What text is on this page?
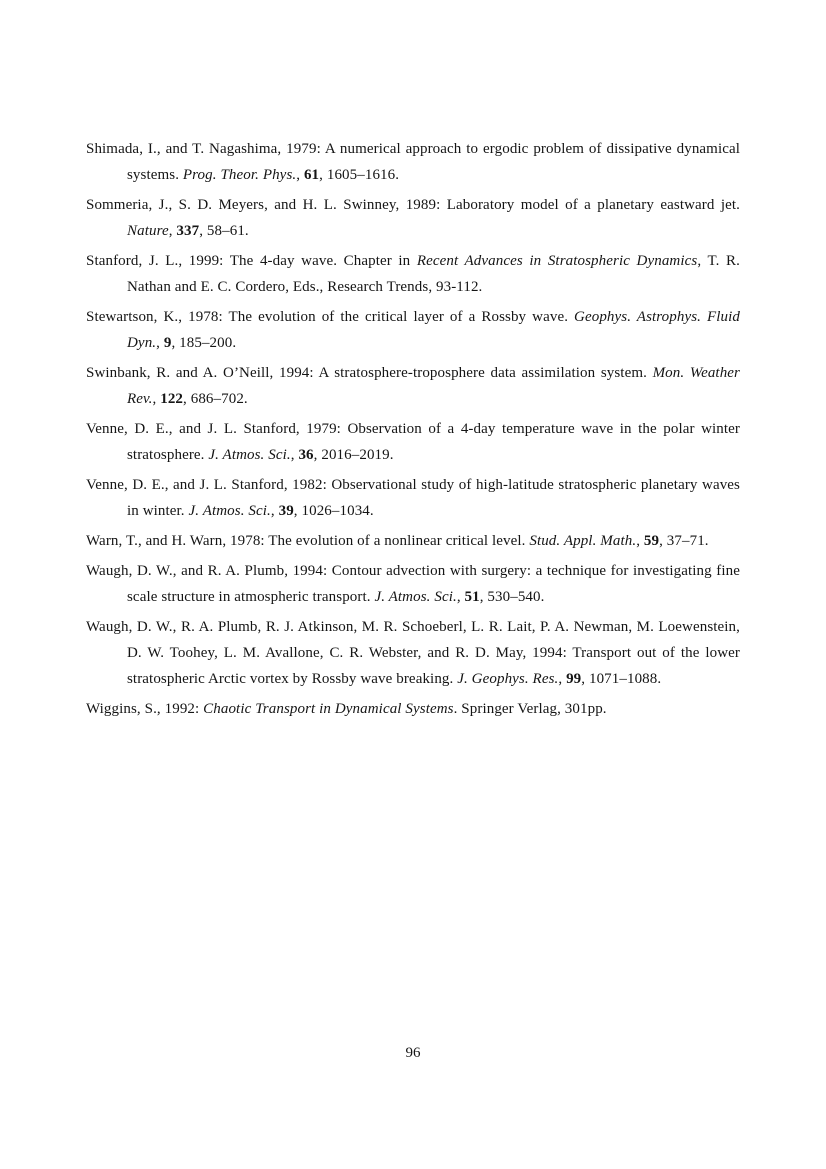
Shimada, I., and T. Nagashima, 1979: A numerical approach to ergodic problem of dissipative dynamical systems. Prog. Theor. Phys., 61, 1605–1616.

Sommeria, J., S. D. Meyers, and H. L. Swinney, 1989: Laboratory model of a planetary eastward jet. Nature, 337, 58–61.

Stanford, J. L., 1999: The 4-day wave. Chapter in Recent Advances in Stratospheric Dynamics, T. R. Nathan and E. C. Cordero, Eds., Research Trends, 93-112.

Stewartson, K., 1978: The evolution of the critical layer of a Rossby wave. Geophys. Astrophys. Fluid Dyn., 9, 185–200.

Swinbank, R. and A. O’Neill, 1994: A stratosphere-troposphere data assimilation system. Mon. Weather Rev., 122, 686–702.

Venne, D. E., and J. L. Stanford, 1979: Observation of a 4-day temperature wave in the polar winter stratosphere. J. Atmos. Sci., 36, 2016–2019.

Venne, D. E., and J. L. Stanford, 1982: Observational study of high-latitude stratospheric planetary waves in winter. J. Atmos. Sci., 39, 1026–1034.

Warn, T., and H. Warn, 1978: The evolution of a nonlinear critical level. Stud. Appl. Math., 59, 37–71.

Waugh, D. W., and R. A. Plumb, 1994: Contour advection with surgery: a technique for investigating fine scale structure in atmospheric transport. J. Atmos. Sci., 51, 530–540.

Waugh, D. W., R. A. Plumb, R. J. Atkinson, M. R. Schoeberl, L. R. Lait, P. A. Newman, M. Loewenstein, D. W. Toohey, L. M. Avallone, C. R. Webster, and R. D. May, 1994: Transport out of the lower stratospheric Arctic vortex by Rossby wave breaking. J. Geophys. Res., 99, 1071–1088.

Wiggins, S., 1992: Chaotic Transport in Dynamical Systems. Springer Verlag, 301pp.

96
